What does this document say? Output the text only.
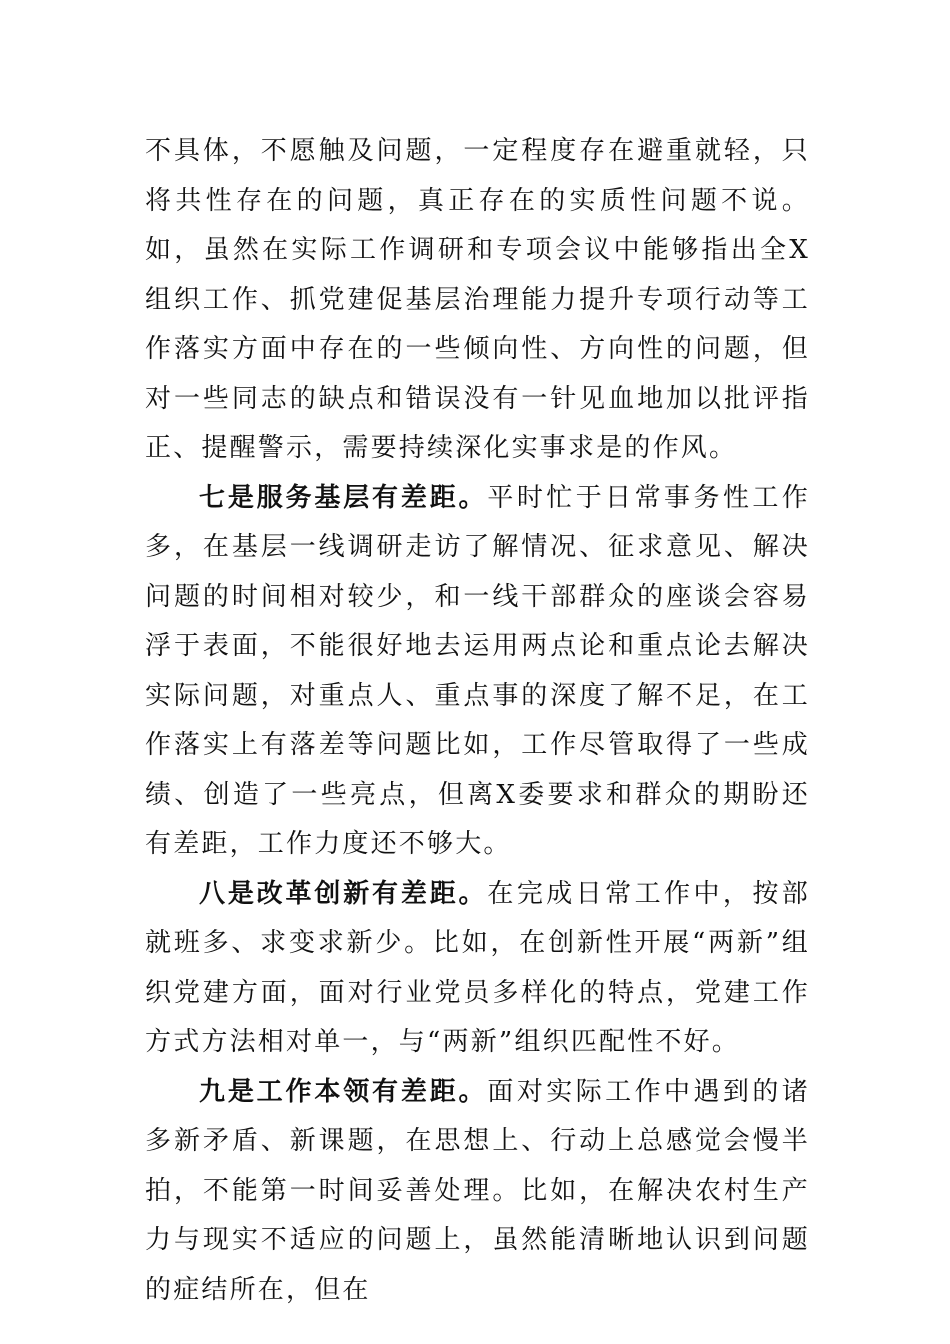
不具体，不愿触及问题，一定程度存在避重就轻，只将共性存在的问题，真正存在的实质性问题不说。如，虽然在实际工作调研和专项会议中能够指出全X组织工作、抓党建促基层治理能力提升专项行动等工作落实方面中存在的一些倾向性、方向性的问题，但对一些同志的缺点和错误没有一针见血地加以批评指正、提醒警示，需要持续深化实事求是的作风。

七是服务基层有差距。平时忙于日常事务性工作多，在基层一线调研走访了解情况、征求意见、解决问题的时间相对较少，和一线干部群众的座谈会容易浮于表面，不能很好地去运用两点论和重点论去解决实际问题，对重点人、重点事的深度了解不足，在工作落实上有落差等问题比如，工作尽管取得了一些成绩、创造了一些亮点，但离X委要求和群众的期盼还有差距，工作力度还不够大。

八是改革创新有差距。在完成日常工作中，按部就班多、求变求新少。比如，在创新性开展“两新”组织党建方面，面对行业党员多样化的特点，党建工作方式方法相对单一，与“两新”组织匹配性不好。

九是工作本领有差距。面对实际工作中遇到的诸多新矛盾、新课题，在思想上、行动上总感觉会慢半拍，不能第一时间妥善处理。比如，在解决农村生产力与现实不适应的问题上，虽然能清晰地认识到问题的症结所在，但在
